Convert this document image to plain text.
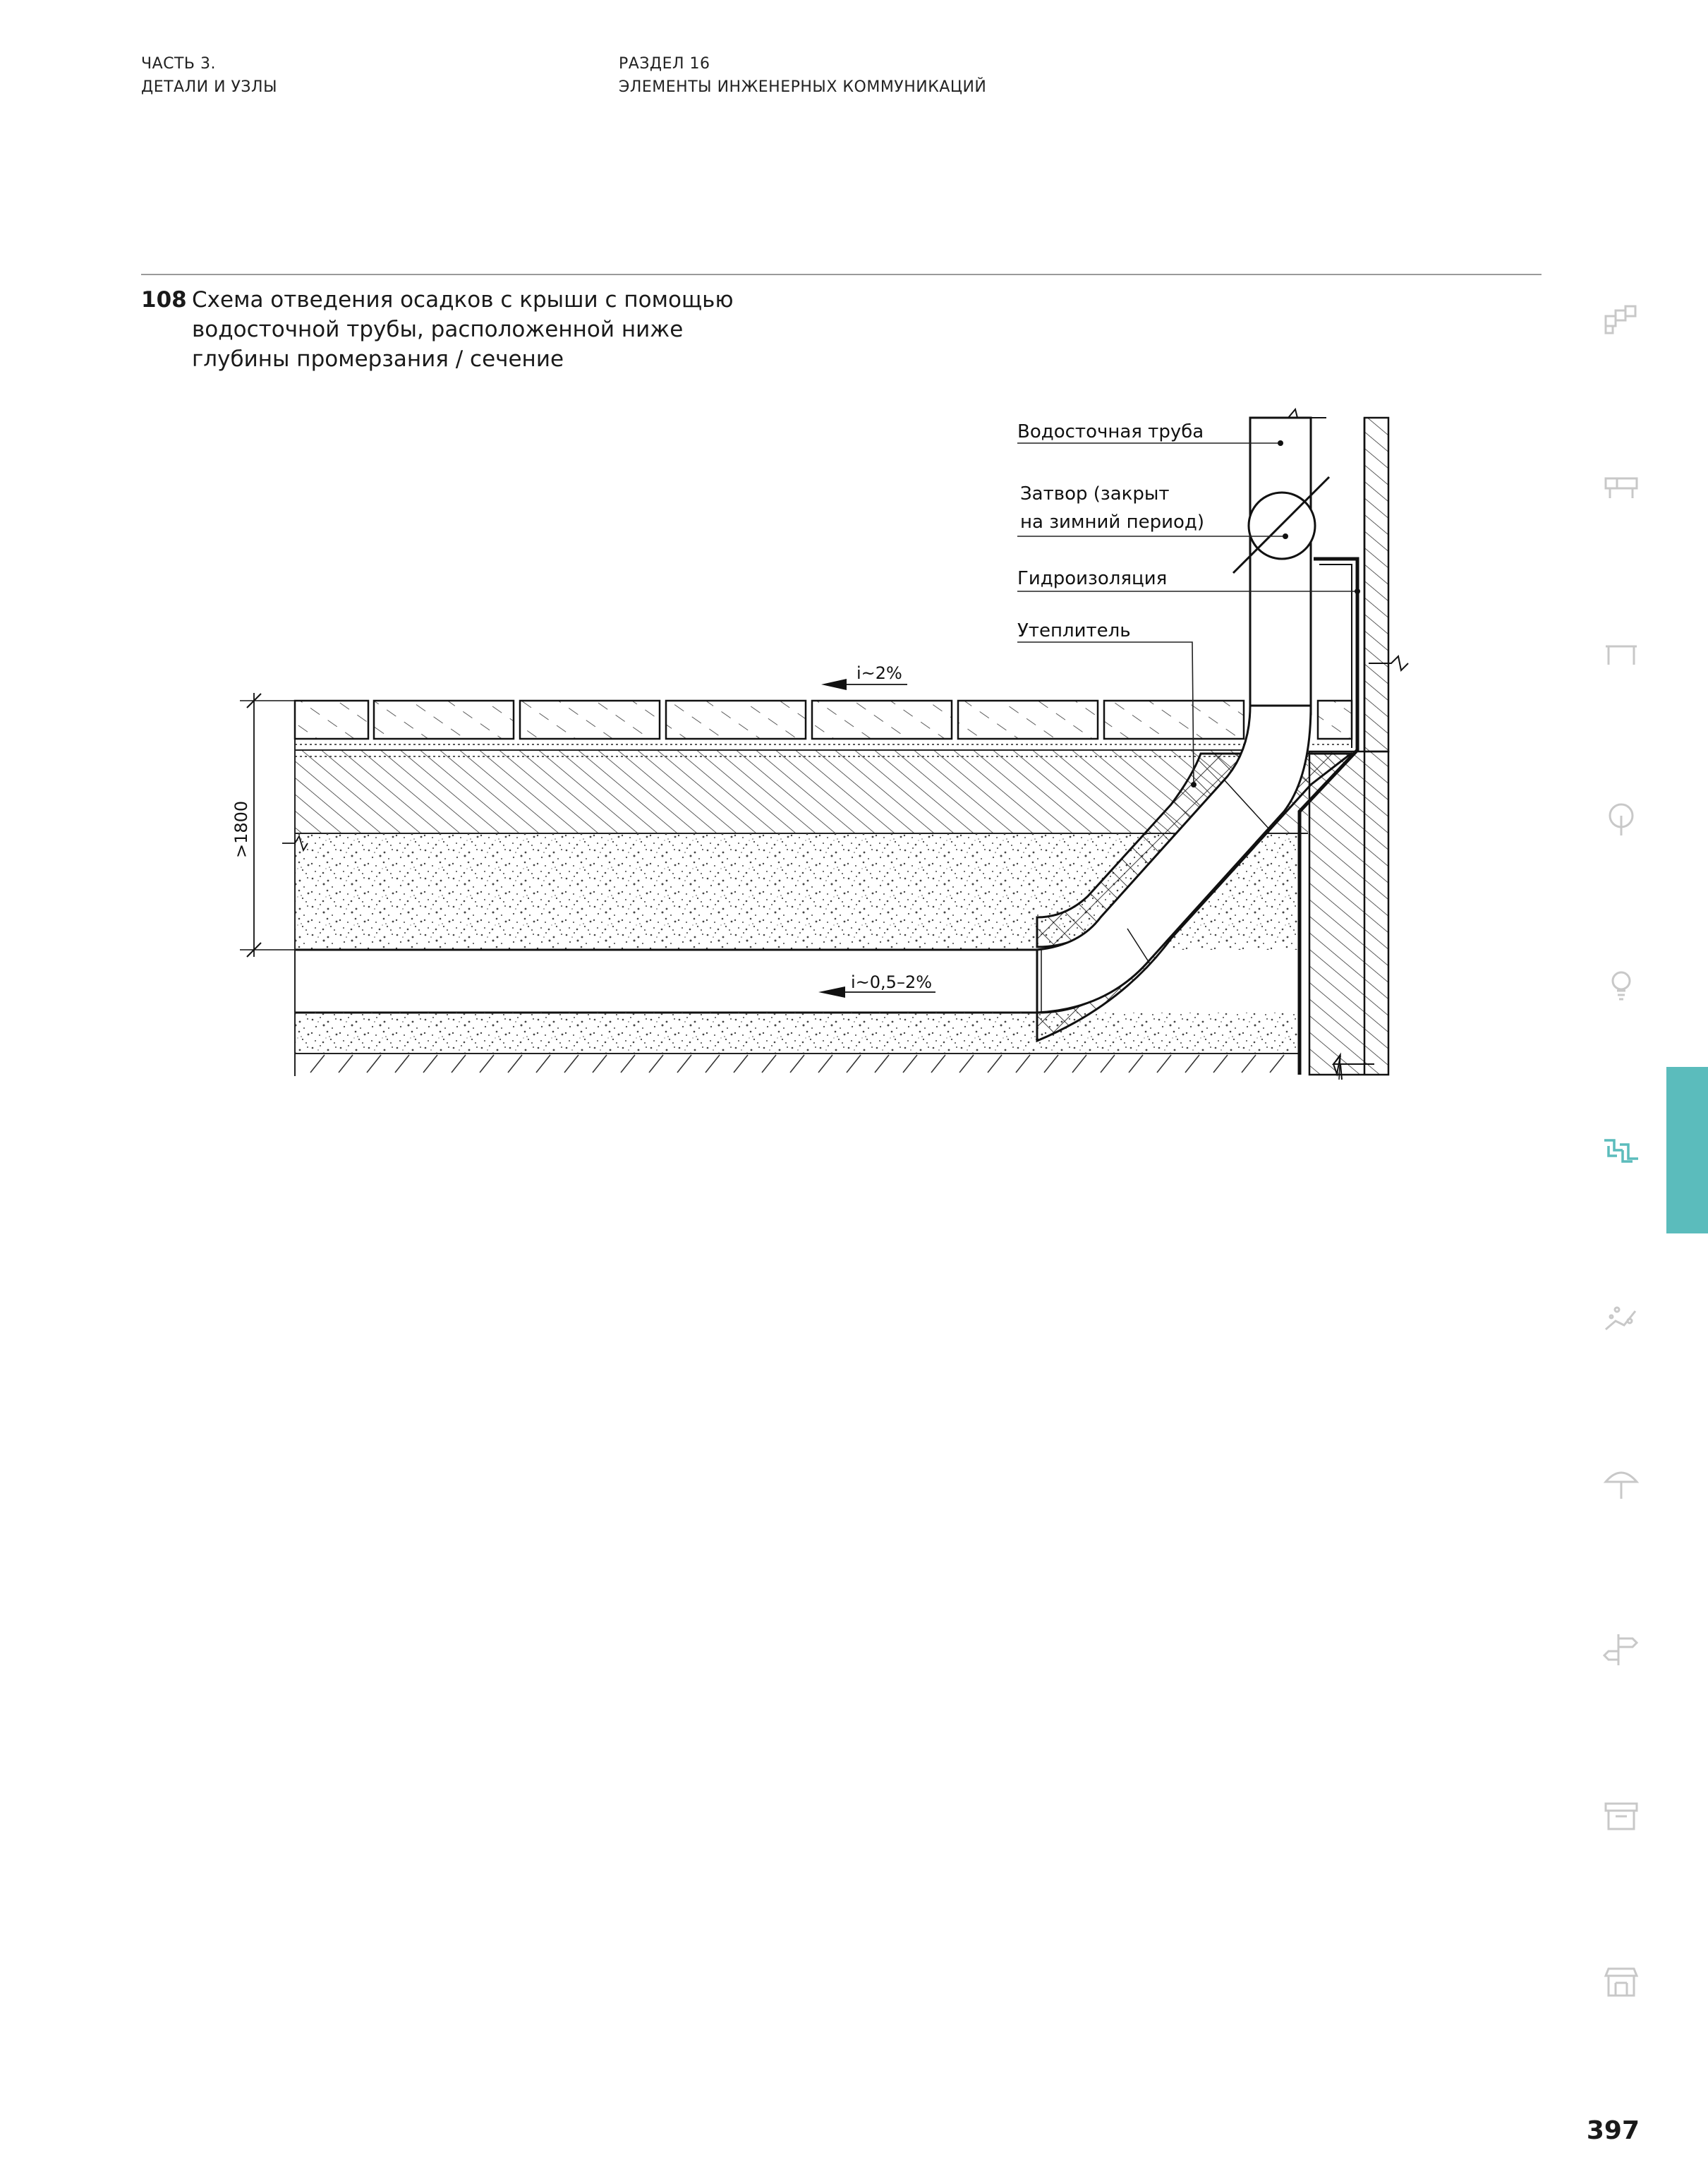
ЧАСТЬ 3.
ДЕТАЛИ И УЗЛЫ
РАЗДЕЛ 16
ЭЛЕМЕНТЫ ИНЖЕНЕРНЫХ КОММУНИКАЦИЙ
108 Схема отведения осадков с крыши с помощью
водосточной трубы, расположенной ниже
глубины промерзания / сечение
Водосточная труба
Затвор (закрыт
на зимний период)
Гидроизоляция
Утеплитель
i~2%
i~0,5–2%
>1800
397
